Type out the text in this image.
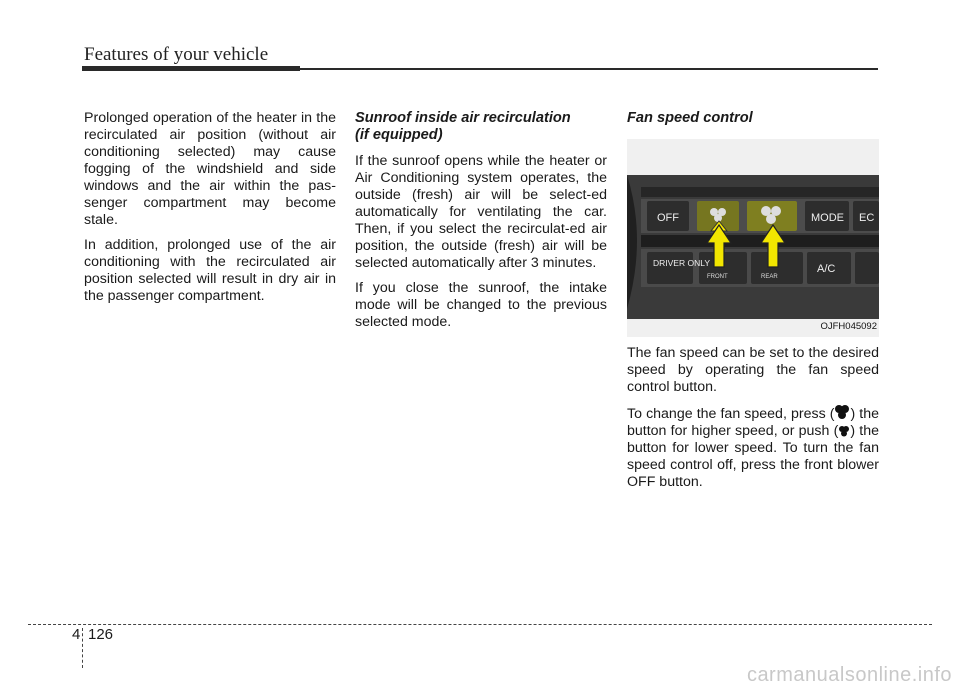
Features of your vehicle

Prolonged operation of the heater in the recirculated air position (without air conditioning selected) may cause fogging of the windshield and side windows and the air within the pas-senger compartment may become stale.

In addition, prolonged use of the air conditioning with the recirculated air position selected will result in dry air in the passenger compartment.

Sunroof inside air recirculation
(if equipped)

If the sunroof opens while the heater or Air Conditioning system operates, the outside (fresh) air will be select-ed automatically for ventilating the car. Then, if you select the recirculat-ed air position, the outside (fresh) air will be selected automatically after 3 minutes.

If you close the sunroof, the intake mode will be changed to the previous selected mode.

Fan speed control
OFF	MODE EC
DRIVER ONLY
FRONT	REAR
A/C
OJFH045092

The fan speed can be set to the desired speed by operating the fan speed control button.

To change the fan speed, press ( ) the button for higher speed, or push ( ) the button for lower speed. To turn the fan speed control off, press the front blower OFF button.

4 126
carmanualsonline.info
